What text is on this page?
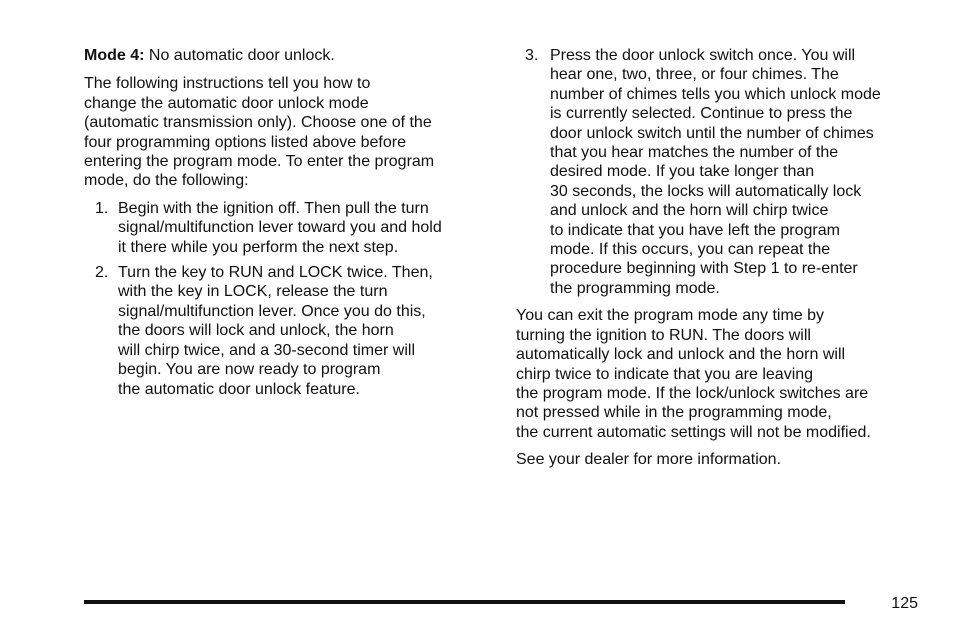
Mode 4: No automatic door unlock.

The following instructions tell you how to
change the automatic door unlock mode
(automatic transmission only). Choose one of the
four programming options listed above before
entering the program mode. To enter the program
mode, do the following:

1. Begin with the ignition off. Then pull the turn
signal/multifunction lever toward you and hold
it there while you perform the next step.
2. Turn the key to RUN and LOCK twice. Then,
with the key in LOCK, release the turn
signal/multifunction lever. Once you do this,
the doors will lock and unlock, the horn
will chirp twice, and a 30-second timer will
begin. You are now ready to program
the automatic door unlock feature.
3. Press the door unlock switch once. You will
hear one, two, three, or four chimes. The
number of chimes tells you which unlock mode
is currently selected. Continue to press the
door unlock switch until the number of chimes
that you hear matches the number of the
desired mode. If you take longer than
30 seconds, the locks will automatically lock
and unlock and the horn will chirp twice
to indicate that you have left the program
mode. If this occurs, you can repeat the
procedure beginning with Step 1 to re-enter
the programming mode.

You can exit the program mode any time by
turning the ignition to RUN. The doors will
automatically lock and unlock and the horn will
chirp twice to indicate that you are leaving
the program mode. If the lock/unlock switches are
not pressed while in the programming mode,
the current automatic settings will not be modified.

See your dealer for more information.

125
